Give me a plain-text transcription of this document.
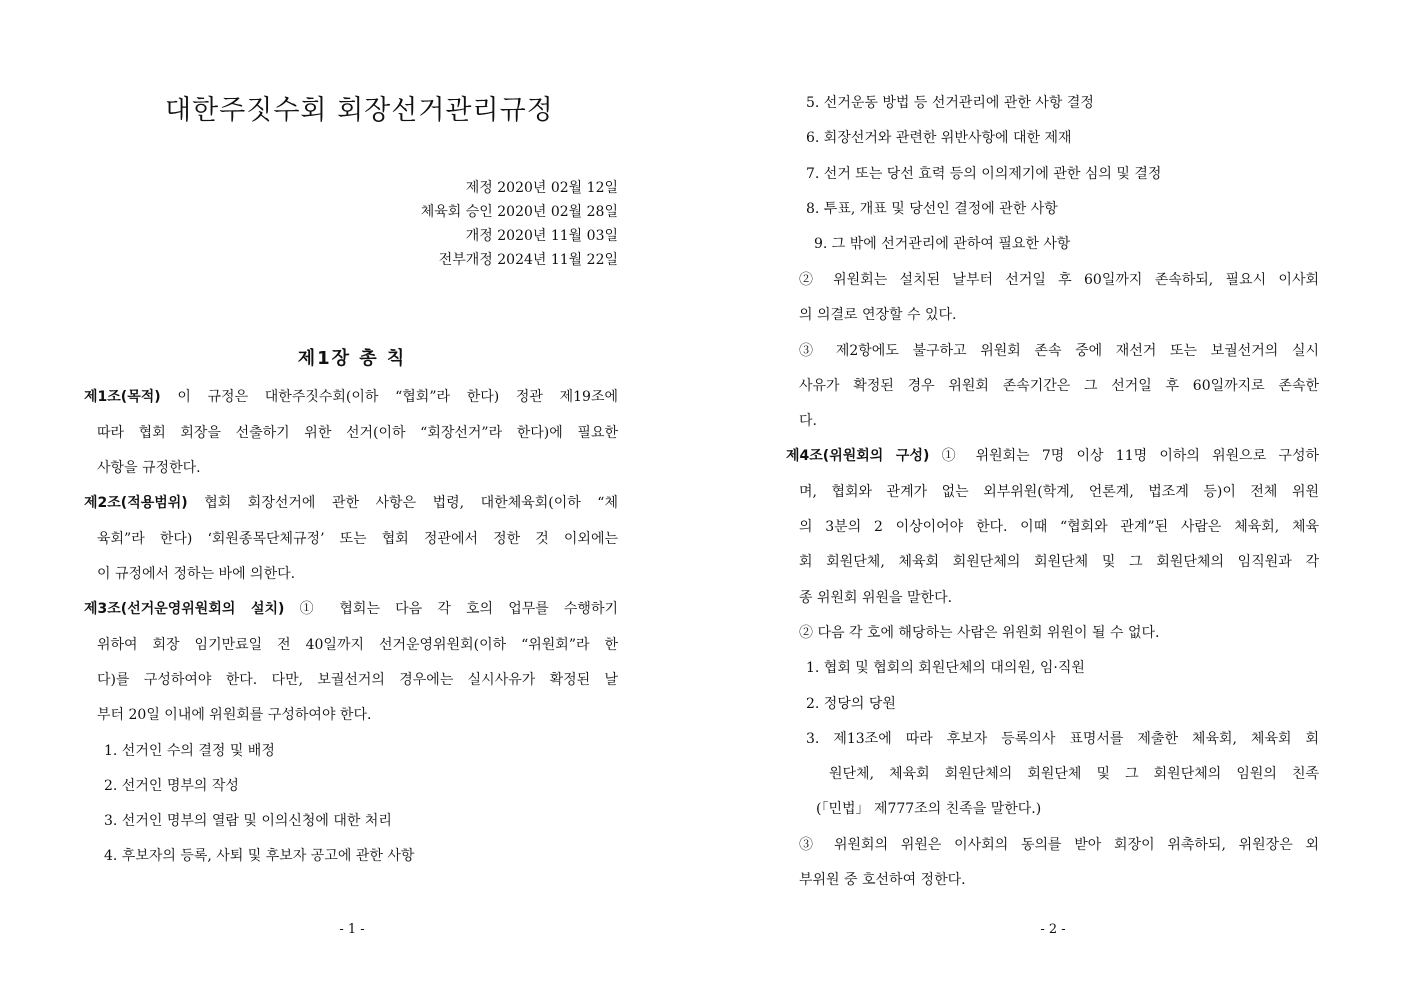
대한주짓수회 회장선거관리규정
제정 2020년 02월 12일
체육회 승인 2020년 02월 28일
개정 2020년 11월 03일
전부개정 2024년 11월 22일
제1장 총 칙
제1조(목적) 이 규정은 대한주짓수회(이하 “협회”라 한다) 정관 제19조에
따라 협회 회장을 선출하기 위한 선거(이하 “회장선거”라 한다)에 필요한
사항을 규정한다.
제2조(적용범위) 협회 회장선거에 관한 사항은 법령, 대한체육회(이하 “체
육회”라 한다) ‘회원종목단체규정’ 또는 협회 정관에서 정한 것 이외에는
이 규정에서 정하는 바에 의한다.
제3조(선거운영위원회의 설치) ① 협회는 다음 각 호의 업무를 수행하기
위하여 회장 임기만료일 전 40일까지 선거운영위원회(이하 “위원회”라 한
다)를 구성하여야 한다. 다만, 보궐선거의 경우에는 실시사유가 확정된 날
부터 20일 이내에 위원회를 구성하여야 한다.
1. 선거인 수의 결정 및 배정
2. 선거인 명부의 작성
3. 선거인 명부의 열람 및 이의신청에 대한 처리
4. 후보자의 등록, 사퇴 및 후보자 공고에 관한 사항
- 1 -
5. 선거운동 방법 등 선거관리에 관한 사항 결정
6. 회장선거와 관련한 위반사항에 대한 제재
7. 선거 또는 당선 효력 등의 이의제기에 관한 심의 및 결정
8. 투표, 개표 및 당선인 결정에 관한 사항
9. 그 밖에 선거관리에 관하여 필요한 사항
② 위원회는 설치된 날부터 선거일 후 60일까지 존속하되, 필요시 이사회
의 의결로 연장할 수 있다.
③ 제2항에도 불구하고 위원회 존속 중에 재선거 또는 보궐선거의 실시
사유가 확정된 경우 위원회 존속기간은 그 선거일 후 60일까지로 존속한
다.
제4조(위원회의 구성) ① 위원회는 7명 이상 11명 이하의 위원으로 구성하
며, 협회와 관계가 없는 외부위원(학계, 언론계, 법조계 등)이 전체 위원
의 3분의 2 이상이어야 한다. 이때 “협회와 관계”된 사람은 체육회, 체육
회 회원단체, 체육회 회원단체의 회원단체 및 그 회원단체의 임직원과 각
종 위원회 위원을 말한다.
② 다음 각 호에 해당하는 사람은 위원회 위원이 될 수 없다.
1. 협회 및 협회의 회원단체의 대의원, 임·직원
2. 정당의 당원
3. 제13조에 따라 후보자 등록의사 표명서를 제출한 체육회, 체육회 회
원단체, 체육회 회원단체의 회원단체 및 그 회원단체의 임원의 친족
(「민법」 제777조의 친족을 말한다.)
③ 위원회의 위원은 이사회의 동의를 받아 회장이 위촉하되, 위원장은 외
부위원 중 호선하여 정한다.
- 2 -
